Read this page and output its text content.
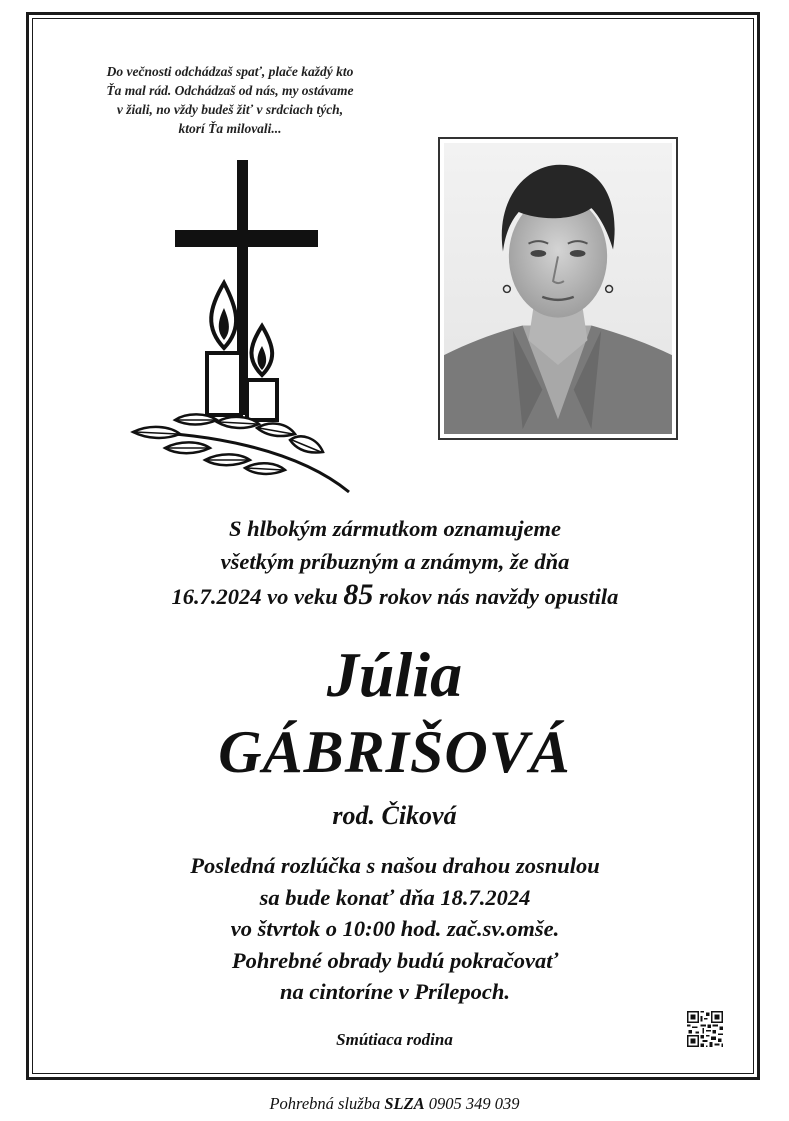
Do večnosti odchádzaš spať, plače každý kto
Ťa mal rád. Odchádzaš od nás, my ostávame
v žiali, no vždy budeš žiť v srdciach tých,
ktorí Ťa milovali...
S hlbokým zármutkom oznamujeme
všetkým príbuzným a známym, že dňa
16.7.2024 vo veku 85 rokov nás navždy opustila
Júlia
GÁBRIŠOVÁ
rod. Čiková
Posledná rozlúčka s našou drahou zosnulou
sa bude konať dňa 18.7.2024
vo štvrtok o 10:00 hod. zač.sv.omše.
Pohrebné obrady budú pokračovať
na cintoríne v Prílepoch.
Smútiaca rodina
Pohrebná služba SLZA 0905 349 039
